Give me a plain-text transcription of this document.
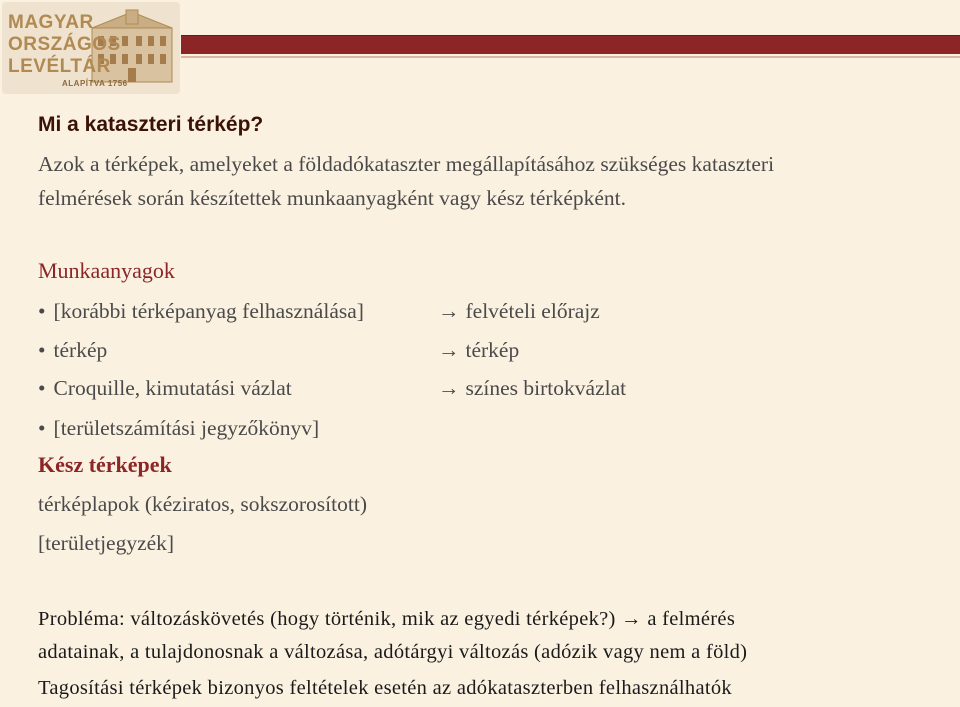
MAGYAR
ORSZÁGOS
LEVÉLTÁR
ALAPÍTVA 1756
Mi a kataszteri térkép?
Azok a térképek, amelyeket a földadókataszter megállapításához szükséges kataszteri
felmérések során készítettek munkaanyagként vagy kész térképként.
Munkaanyagok
• [korábbi térképanyag felhasználása]	→ felvételi előrajz
• térkép	→ térkép
• Croquille, kimutatási vázlat	→ színes birtokvázlat
• [területszámítási jegyzőkönyv]
Kész térképek
térképlapok (kéziratos, sokszorosított)
[területjegyzék]
Probléma: változáskövetés (hogy történik, mik az egyedi térképek?) → a felmérés
adatainak, a tulajdonosnak a változása, adótárgyi változás (adózik vagy nem a föld)
Tagosítási térképek bizonyos feltételek esetén az adókataszterben felhasználhatók
